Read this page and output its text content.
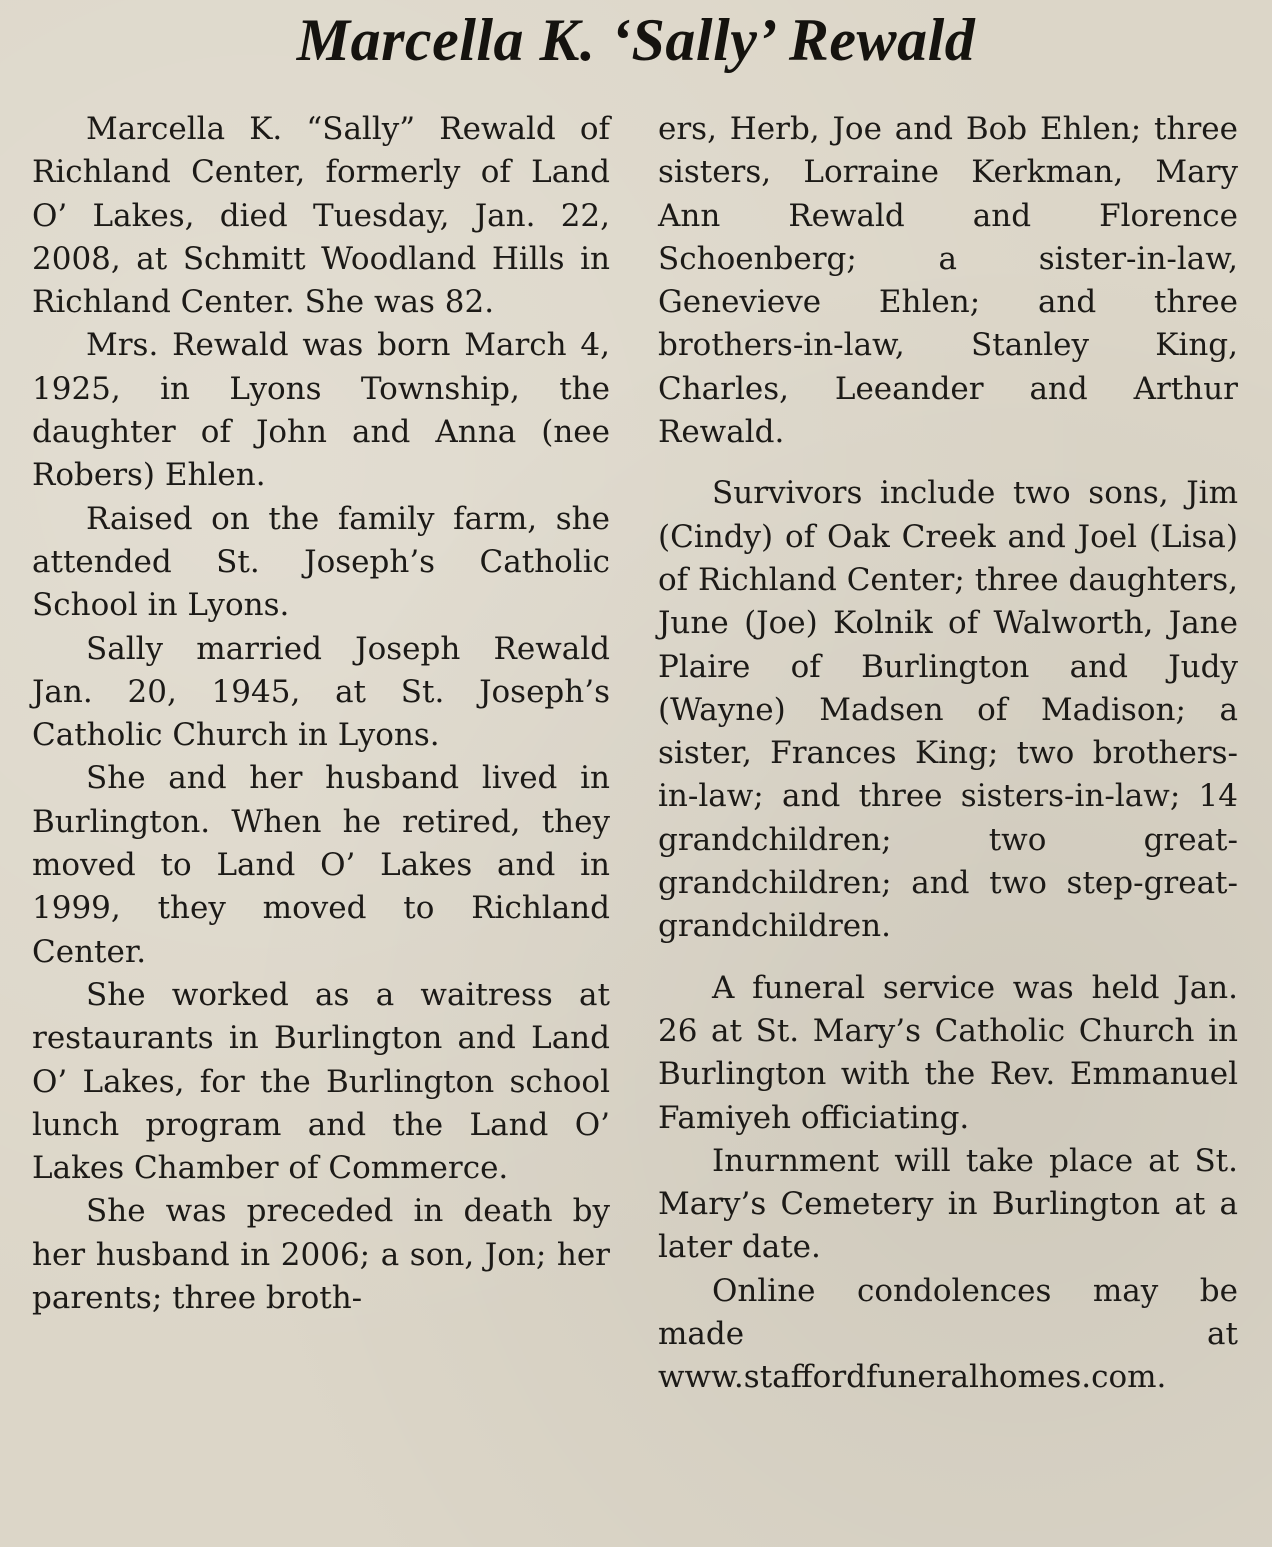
Marcella K. ‘Sally’ Rewald

Marcella K. “Sally” Rewald of Richland Center, formerly of Land O’ Lakes, died Tuesday, Jan. 22, 2008, at Schmitt Woodland Hills in Richland Center. She was 82.

Mrs. Rewald was born March 4, 1925, in Lyons Township, the daughter of John and Anna (nee Robers) Ehlen.

Raised on the family farm, she attended St. Joseph’s Catholic School in Lyons.

Sally married Joseph Rewald Jan. 20, 1945, at St. Joseph’s Catholic Church in Lyons.

She and her husband lived in Burlington. When he retired, they moved to Land O’ Lakes and in 1999, they moved to Richland Center.

She worked as a waitress at restaurants in Burlington and Land O’ Lakes, for the Burlington school lunch program and the Land O’ Lakes Chamber of Commerce.

She was preceded in death by her husband in 2006; a son, Jon; her parents; three broth-

ers, Herb, Joe and Bob Ehlen; three sisters, Lorraine Kerkman, Mary Ann Rewald and Florence Schoenberg; a sister-in-law, Genevieve Ehlen; and three brothers-in-law, Stanley King, Charles, Leeander and Arthur Rewald.

Survivors include two sons, Jim (Cindy) of Oak Creek and Joel (Lisa) of Richland Center; three daughters, June (Joe) Kolnik of Walworth, Jane Plaire of Burlington and Judy (Wayne) Madsen of Madison; a sister, Frances King; two brothers-in-law; and three sisters-in-law; 14 grandchildren; two great-grandchildren; and two step-great-grandchildren.

A funeral service was held Jan. 26 at St. Mary’s Catholic Church in Burlington with the Rev. Emmanuel Famiyeh officiating.

Inurnment will take place at St. Mary’s Cemetery in Burlington at a later date.

Online condolences may be made at www.staffordfuneralhomes.com.
